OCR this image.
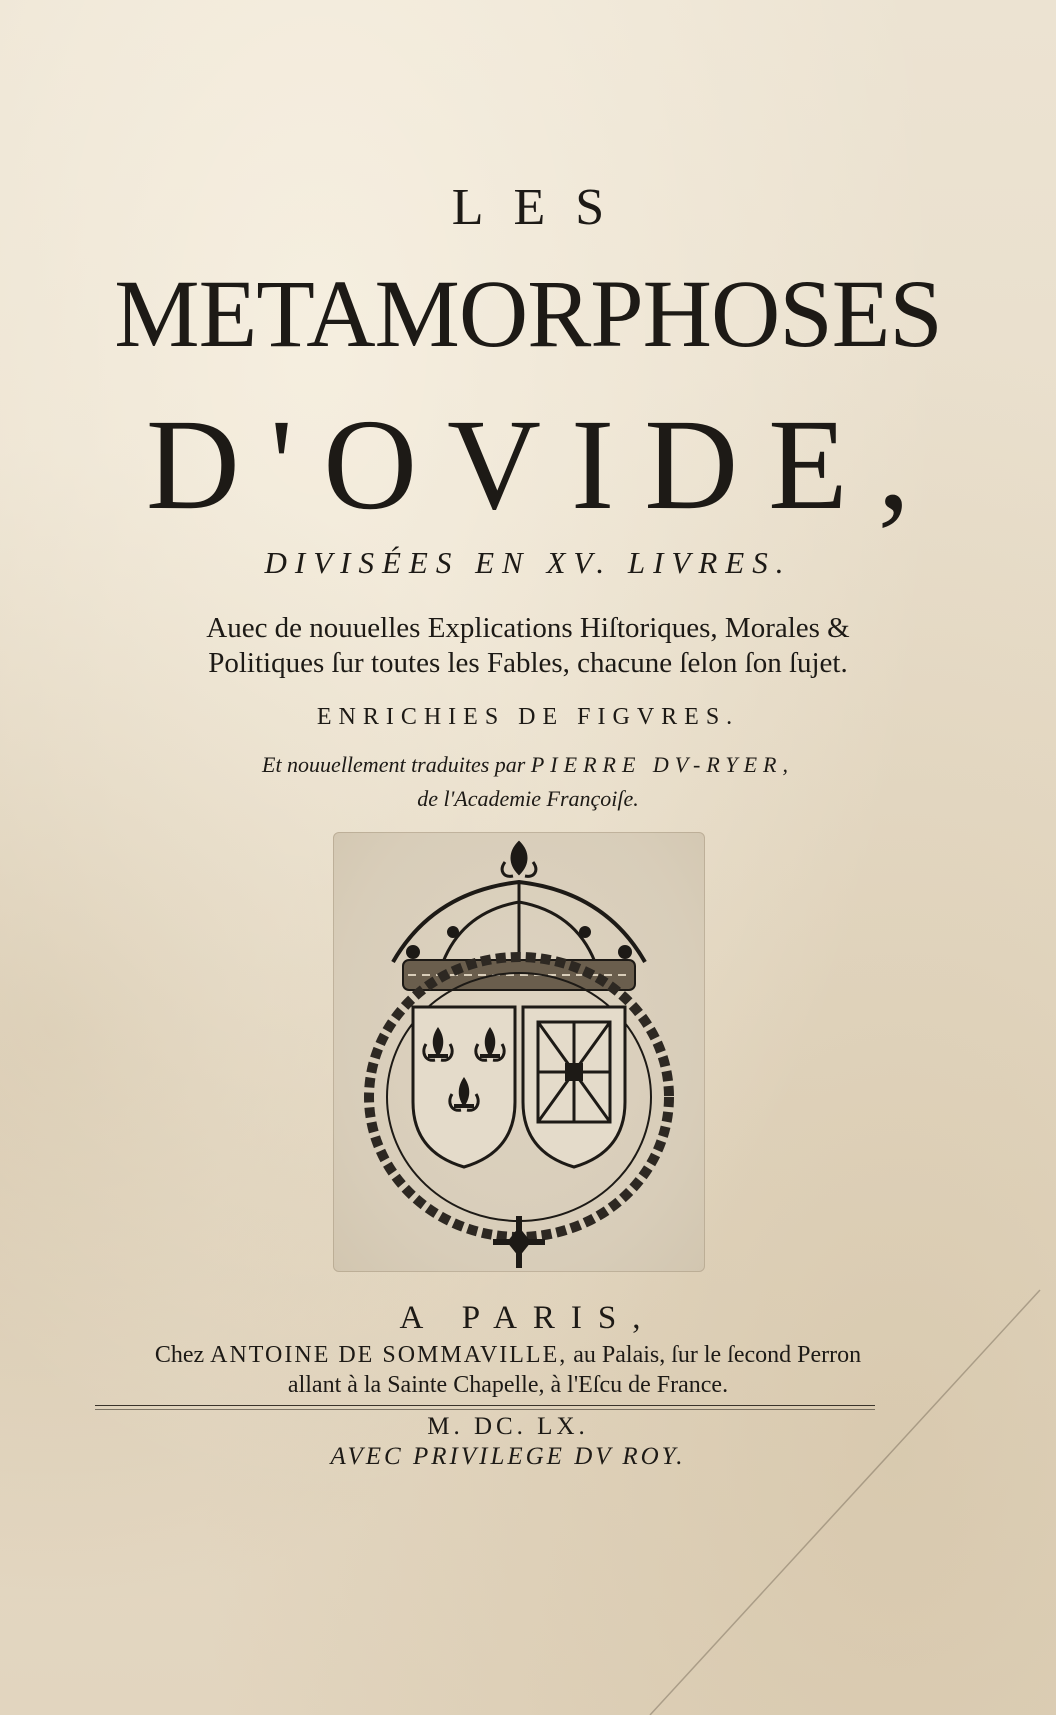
LES
METAMORPHOSES
D'OVIDE,
DIVISÉES EN XV. LIVRES.
Auec de nouuelles Explications Hiſtoriques, Morales &
Politiques ſur toutes les Fables, chacune ſelon ſon ſujet.
ENRICHIES DE FIGVRES.
Et nouuellement traduites par PIERRE DV-RYER,
de l'Academie Françoiſe.
A PARIS,
Chez ANTOINE DE SOMMAVILLE, au Palais, ſur le ſecond Perron
allant à la Sainte Chapelle, à l'Eſcu de France.
M. DC. LX.
AVEC PRIVILEGE DV ROY.
